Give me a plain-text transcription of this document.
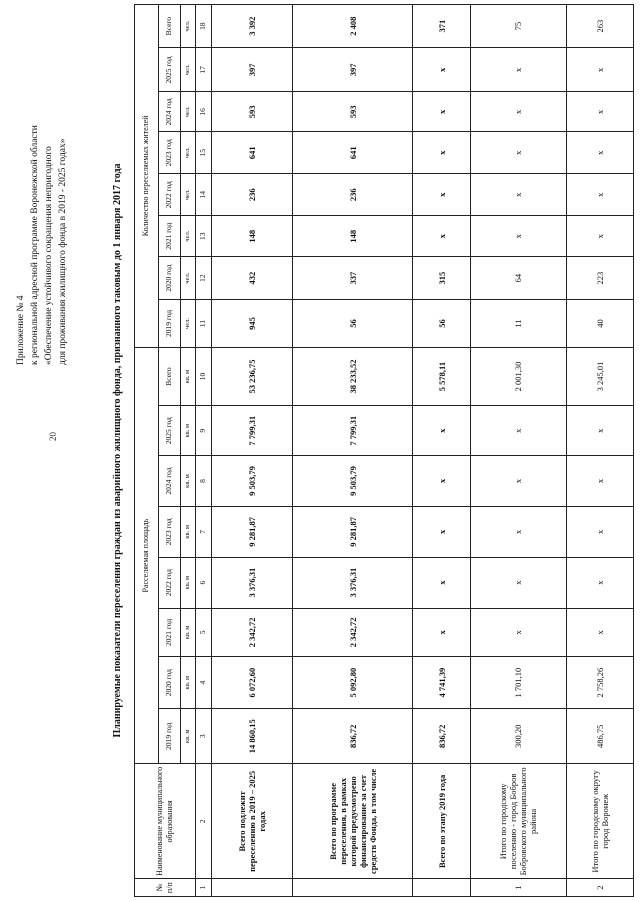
20
Приложение № 4 к региональной адресной программе Воронежской области «Обеспечение устойчивого сокращения непригодного для проживания жилищного фонда в 2019 - 2025 годах»	Планируемые показатели переселения граждан из аварийного жилищного фонда, признанного таковым до 1 января 2017 года
№ п/п	Наименование муниципального образования	Расселяемая площадь								Количество переселяемых жителей							
		2019 год	2020 год	2021 год	2022 год	2023 год	2024 год	2025 год	Всего	2019 год	2020 год	2021 год	2022 год	2023 год	2024 год	2025 год	Всего
		кв. м	кв. м	кв. м	кв. м	кв. м	кв. м	кв. м	кв. м	чел.	чел.	чел.	чел.	чел.	чел.	чел.	чел.
1	2	3	4	5	6	7	8	9	10	11	12	13	14	15	16	17	18
	Всего подлежит переселению в 2019 – 2025 годах	14 860,15	6 072,60	2 342,72	3 376,31	9 281,87	9 503,79	7 799,31	53 236,75	945	432	148	236	641	593	397	3 392
	Всего по программе переселения, в рамках которой предусмотрено финансирование за счет средств Фонда, в том числе	836,72	5 092,80	2 342,72	3 376,31	9 281,87	9 503,79	7 799,31	38 233,52	56	337	148	236	641	593	397	2 408
	Всего по этапу 2019 года	836,72	4 741,39	х	х	х	х	х	5 578,11	56	315	х	х	х	х	х	371
1	Итого по городскому поселению - город Бобров Бобровского муниципального района	300,20	1 701,10	х	х	х	х	х	2 001,30	11	64	х	х	х	х	х	75
2	Итого по городскому округу город Воронеж	486,75	2 758,26	х	х	х	х	х	3 245,01	40	223	х	х	х	х	х	263
